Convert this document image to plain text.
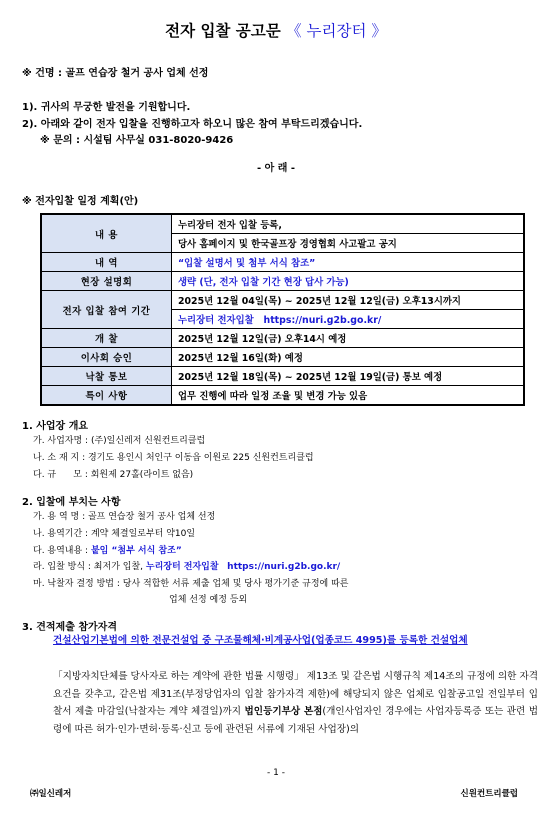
전자 입찰 공고문 《 누리장터 》
※ 건명 : 골프 연습장 철거 공사 업체 선정
1). 귀사의 무궁한 발전을 기원합니다.
2). 아래와 같이 전자 입찰을 진행하고자 하오니 많은 참여 부탁드리겠습니다.
※ 문의 : 시설팀 사무실 031-8020-9426
- 아 래 -
※ 전자입찰 일정 계획(안)
내 용	누리장터 전자 입찰 등록,
	당사 홈페이지 및 한국골프장 경영협회 사고팔고 공지
내 역	“입찰 설명서 및 첨부 서식 참조”
현장 설명회	생략 (단, 전자 입찰 기간 현장 답사 가능)
전자 입찰 참여 기간	2025년 12월 04일(목) ~ 2025년 12월 12일(금) 오후13시까지
	누리장터 전자입찰 https://nuri.g2b.go.kr/
개 찰	2025년 12월 12일(금) 오후14시 예정
이사회 승인	2025년 12월 16일(화) 예정
낙찰 통보	2025년 12월 18일(목) ~ 2025년 12월 19일(금) 통보 예정
특이 사항	업무 진행에 따라 일정 조율 및 변경 가능 있음
1. 사업장 개요
가. 사업자명 : (주)일신레저 신원컨트리클럽
나. 소 재 지 : 경기도 용인시 처인구 이동읍 이원로 225 신원컨트리클럽
다. 규      모 : 회원제 27홀(라이트 없음)
2. 입찰에 부치는 사항
가. 용 역 명 : 골프 연습장 철거 공사 업체 선정
나. 용역기간 : 계약 체결일로부터 약10일
다. 용역내용 : 붙임 “첨부 서식 참조”
라. 입찰 방식 : 최저가 입찰, 누리장터 전자입찰 https://nuri.g2b.go.kr/
마. 낙찰자 결정 방법 : 당사 적합한 서류 제출 업체 및 당사 평가기준 규정에 따른
업체 선정 예정 등외
3. 견적제출 참가자격
건설산업기본법에 의한 전문건설업 중 구조물해체·비계공사업(업종코드 4995)를 등록한 건설업체
「지방자치단체를 당사자로 하는 계약에 관한 법률 시행령」 제13조 및 같은법 시행규칙 제14조의 규정에 의한 자격요건을 갖추고, 같은법 제31조(부정당업자의 입찰 참가자격 제한)에 해당되지 않은 업체로 입찰공고일 전일부터 입찰서 제출 마감일(낙찰자는 계약 체결일)까지 법인등기부상 본점(개인사업자인 경우에는 사업자등록증 또는 관련 법령에 따른 허가·인가·면허·등록·신고 등에 관련된 서류에 기재된 사업장)의
- 1 -
㈜일신레저	신원컨트리클럽
